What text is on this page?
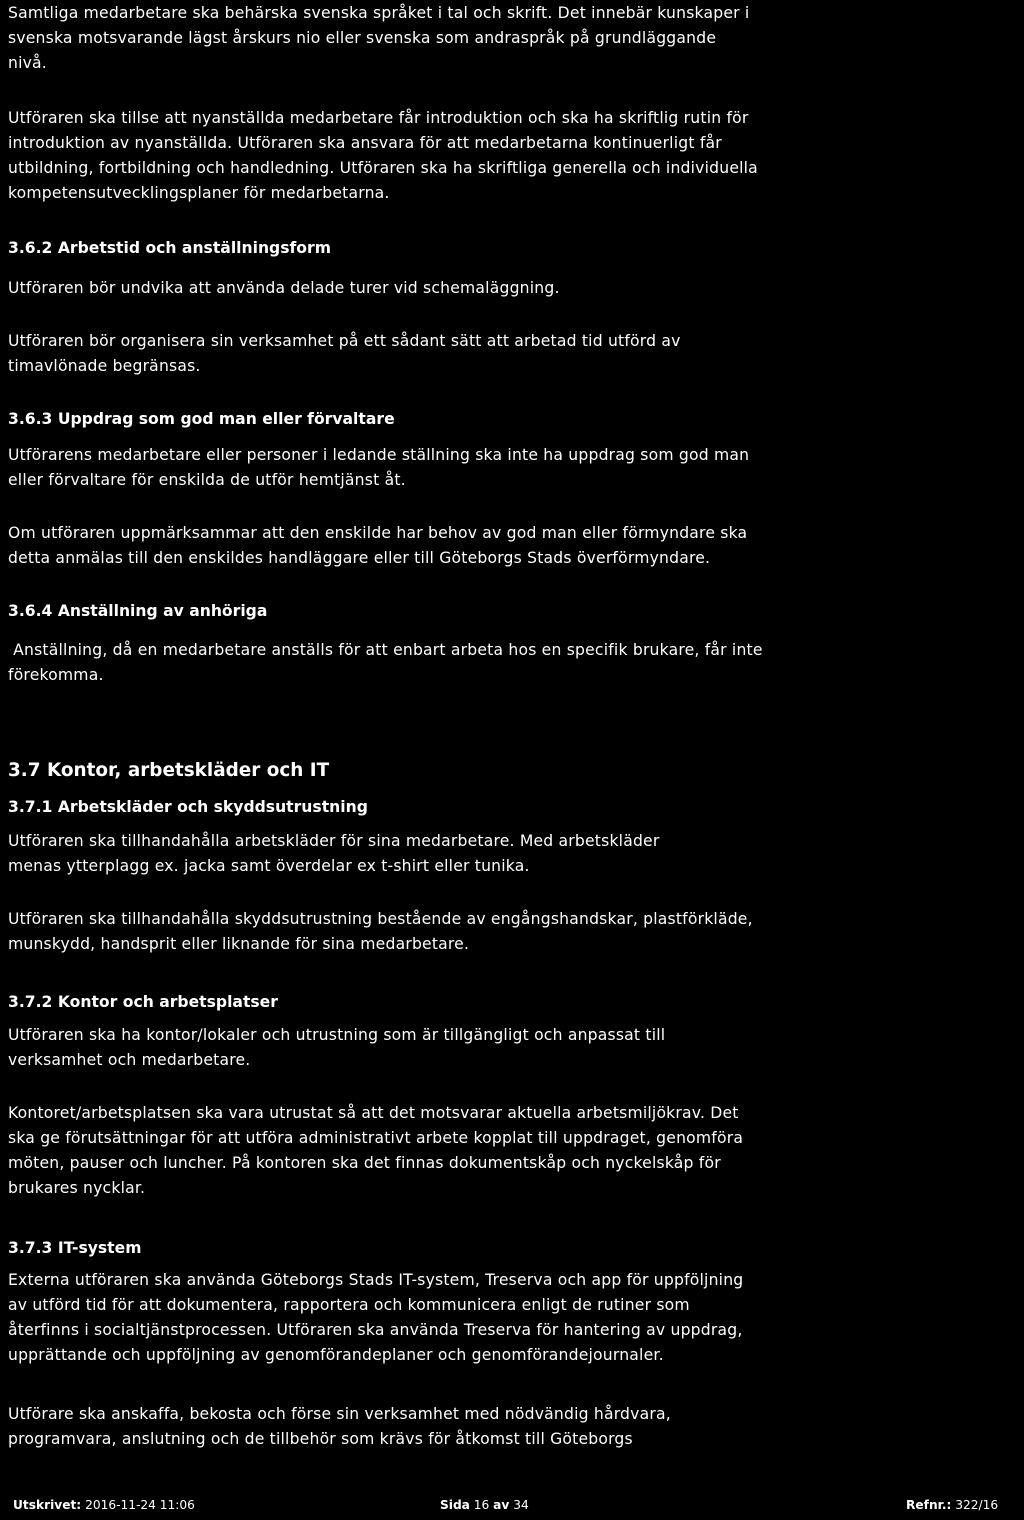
Samtliga medarbetare ska behärska svenska språket i tal och skrift. Det innebär kunskaper i
svenska motsvarande lägst årskurs nio eller svenska som andraspråk på grundläggande
nivå.
Utföraren ska tillse att nyanställda medarbetare får introduktion och ska ha skriftlig rutin för
introduktion av nyanställda. Utföraren ska ansvara för att medarbetarna kontinuerligt får
utbildning, fortbildning och handledning. Utföraren ska ha skriftliga generella och individuella
kompetensutvecklingsplaner för medarbetarna.
3.6.2 Arbetstid och anställningsform
Utföraren bör undvika att använda delade turer vid schemaläggning.
Utföraren bör organisera sin verksamhet på ett sådant sätt att arbetad tid utförd av
timavlönade begränsas.
3.6.3 Uppdrag som god man eller förvaltare
Utförarens medarbetare eller personer i ledande ställning ska inte ha uppdrag som god man
eller förvaltare för enskilda de utför hemtjänst åt.
Om utföraren uppmärksammar att den enskilde har behov av god man eller förmyndare ska
detta anmälas till den enskildes handläggare eller till Göteborgs Stads överförmyndare.
3.6.4 Anställning av anhöriga
Anställning, då en medarbetare anställs för att enbart arbeta hos en specifik brukare, får inte
förekomma.
3.7 Kontor, arbetskläder och IT
3.7.1 Arbetskläder och skyddsutrustning
Utföraren ska tillhandahålla arbetskläder för sina medarbetare. Med arbetskläder
menas ytterplagg ex. jacka samt överdelar ex t-shirt eller tunika.
Utföraren ska tillhandahålla skyddsutrustning bestående av engångshandskar, plastförkläde,
munskydd, handsprit eller liknande för sina medarbetare.
3.7.2 Kontor och arbetsplatser
Utföraren ska ha kontor/lokaler och utrustning som är tillgängligt och anpassat till
verksamhet och medarbetare.
Kontoret/arbetsplatsen ska vara utrustat så att det motsvarar aktuella arbetsmiljökrav. Det
ska ge förutsättningar för att utföra administrativt arbete kopplat till uppdraget, genomföra
möten, pauser och luncher. På kontoren ska det finnas dokumentskåp och nyckelskåp för
brukares nycklar.
3.7.3 IT-system
Externa utföraren ska använda Göteborgs Stads IT-system, Treserva och app för uppföljning
av utförd tid för att dokumentera, rapportera och kommunicera enligt de rutiner som
återfinns i socialtjänstprocessen. Utföraren ska använda Treserva för hantering av uppdrag,
upprättande och uppföljning av genomförandeplaner och genomförandejournaler.
Utförare ska anskaffa, bekosta och förse sin verksamhet med nödvändig hårdvara,
programvara, anslutning och de tillbehör som krävs för åtkomst till Göteborgs
Utskrivet: 2016-11-24 11:06	Sida 16 av 34	Refnr.: 322/16
